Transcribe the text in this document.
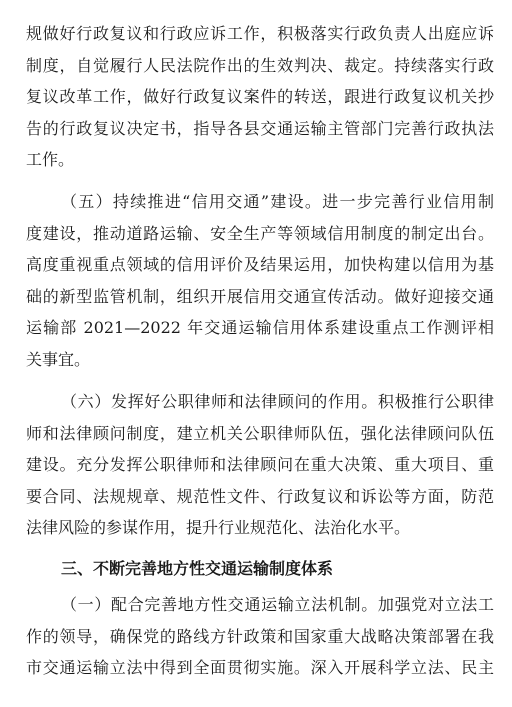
规做好行政复议和行政应诉工作，积极落实行政负责人出庭应诉
制度，自觉履行人民法院作出的生效判决、裁定。持续落实行政
复议改革工作，做好行政复议案件的转送，跟进行政复议机关抄
告的行政复议决定书，指导各县交通运输主管部门完善行政执法
工作。
（五）持续推进“信用交通”建设。进一步完善行业信用制
度建设，推动道路运输、安全生产等领域信用制度的制定出台。
高度重视重点领域的信用评价及结果运用，加快构建以信用为基
础的新型监管机制，组织开展信用交通宣传活动。做好迎接交通
运输部 2021—2022 年交通运输信用体系建设重点工作测评相
关事宜。
（六）发挥好公职律师和法律顾问的作用。积极推行公职律
师和法律顾问制度，建立机关公职律师队伍，强化法律顾问队伍
建设。充分发挥公职律师和法律顾问在重大决策、重大项目、重
要合同、法规规章、规范性文件、行政复议和诉讼等方面，防范
法律风险的参谋作用，提升行业规范化、法治化水平。
三、不断完善地方性交通运输制度体系
（一）配合完善地方性交通运输立法机制。加强党对立法工
作的领导，确保党的路线方针政策和国家重大战略决策部署在我
市交通运输立法中得到全面贯彻实施。深入开展科学立法、民主
